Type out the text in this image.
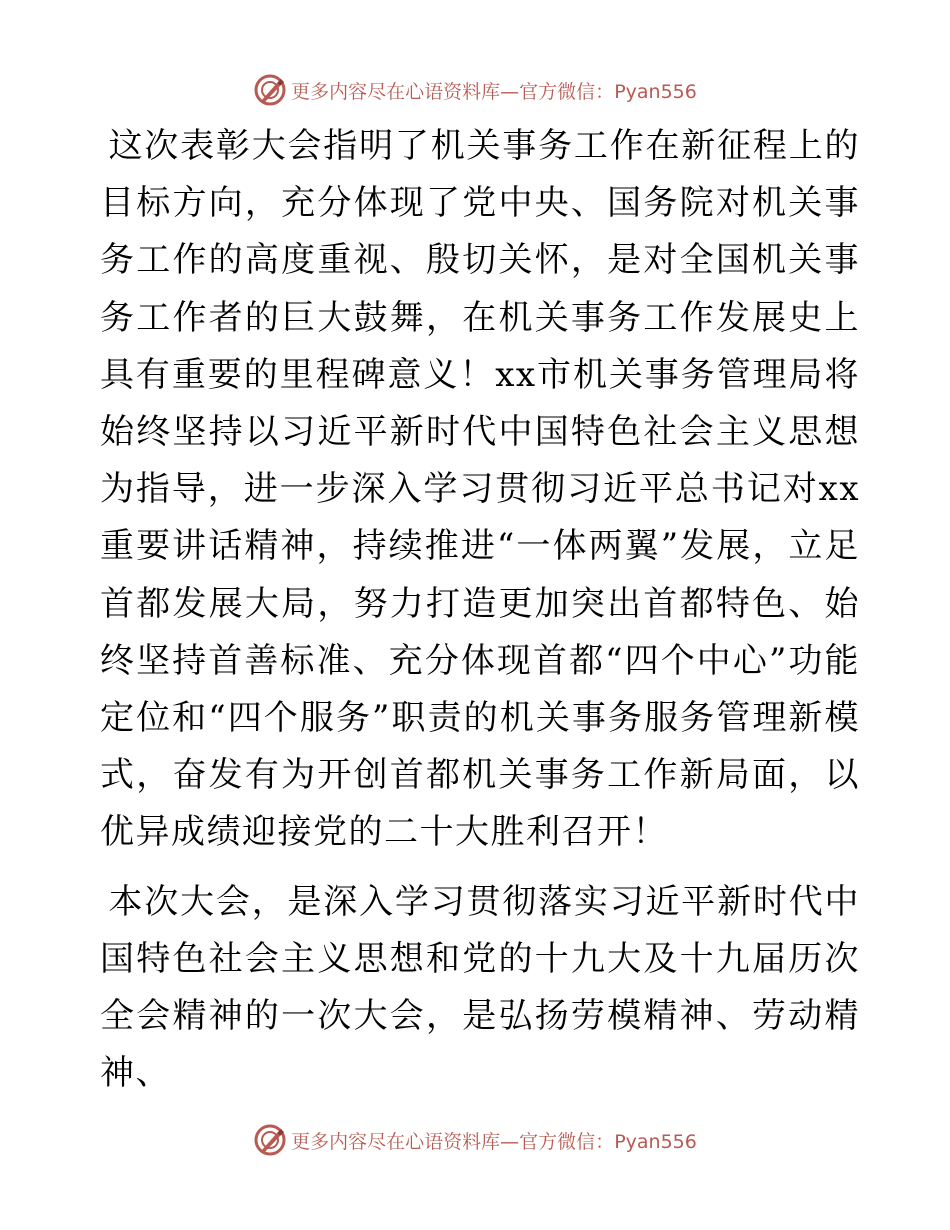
更多内容尽在心语资料库—官方微信：Pyan556

这次表彰大会指明了机关事务工作在新征程上的目标方向，充分体现了党中央、国务院对机关事务工作的高度重视、殷切关怀，是对全国机关事务工作者的巨大鼓舞，在机关事务工作发展史上具有重要的里程碑意义！xx市机关事务管理局将始终坚持以习近平新时代中国特色社会主义思想为指导，进一步深入学习贯彻习近平总书记对xx重要讲话精神，持续推进“一体两翼”发展，立足首都发展大局，努力打造更加突出首都特色、始终坚持首善标准、充分体现首都“四个中心”功能定位和“四个服务”职责的机关事务服务管理新模式，奋发有为开创首都机关事务工作新局面，以优异成绩迎接党的二十大胜利召开！

本次大会，是深入学习贯彻落实习近平新时代中国特色社会主义思想和党的十九大及十九届历次全会精神的一次大会，是弘扬劳模精神、劳动精神、

更多内容尽在心语资料库—官方微信：Pyan556
